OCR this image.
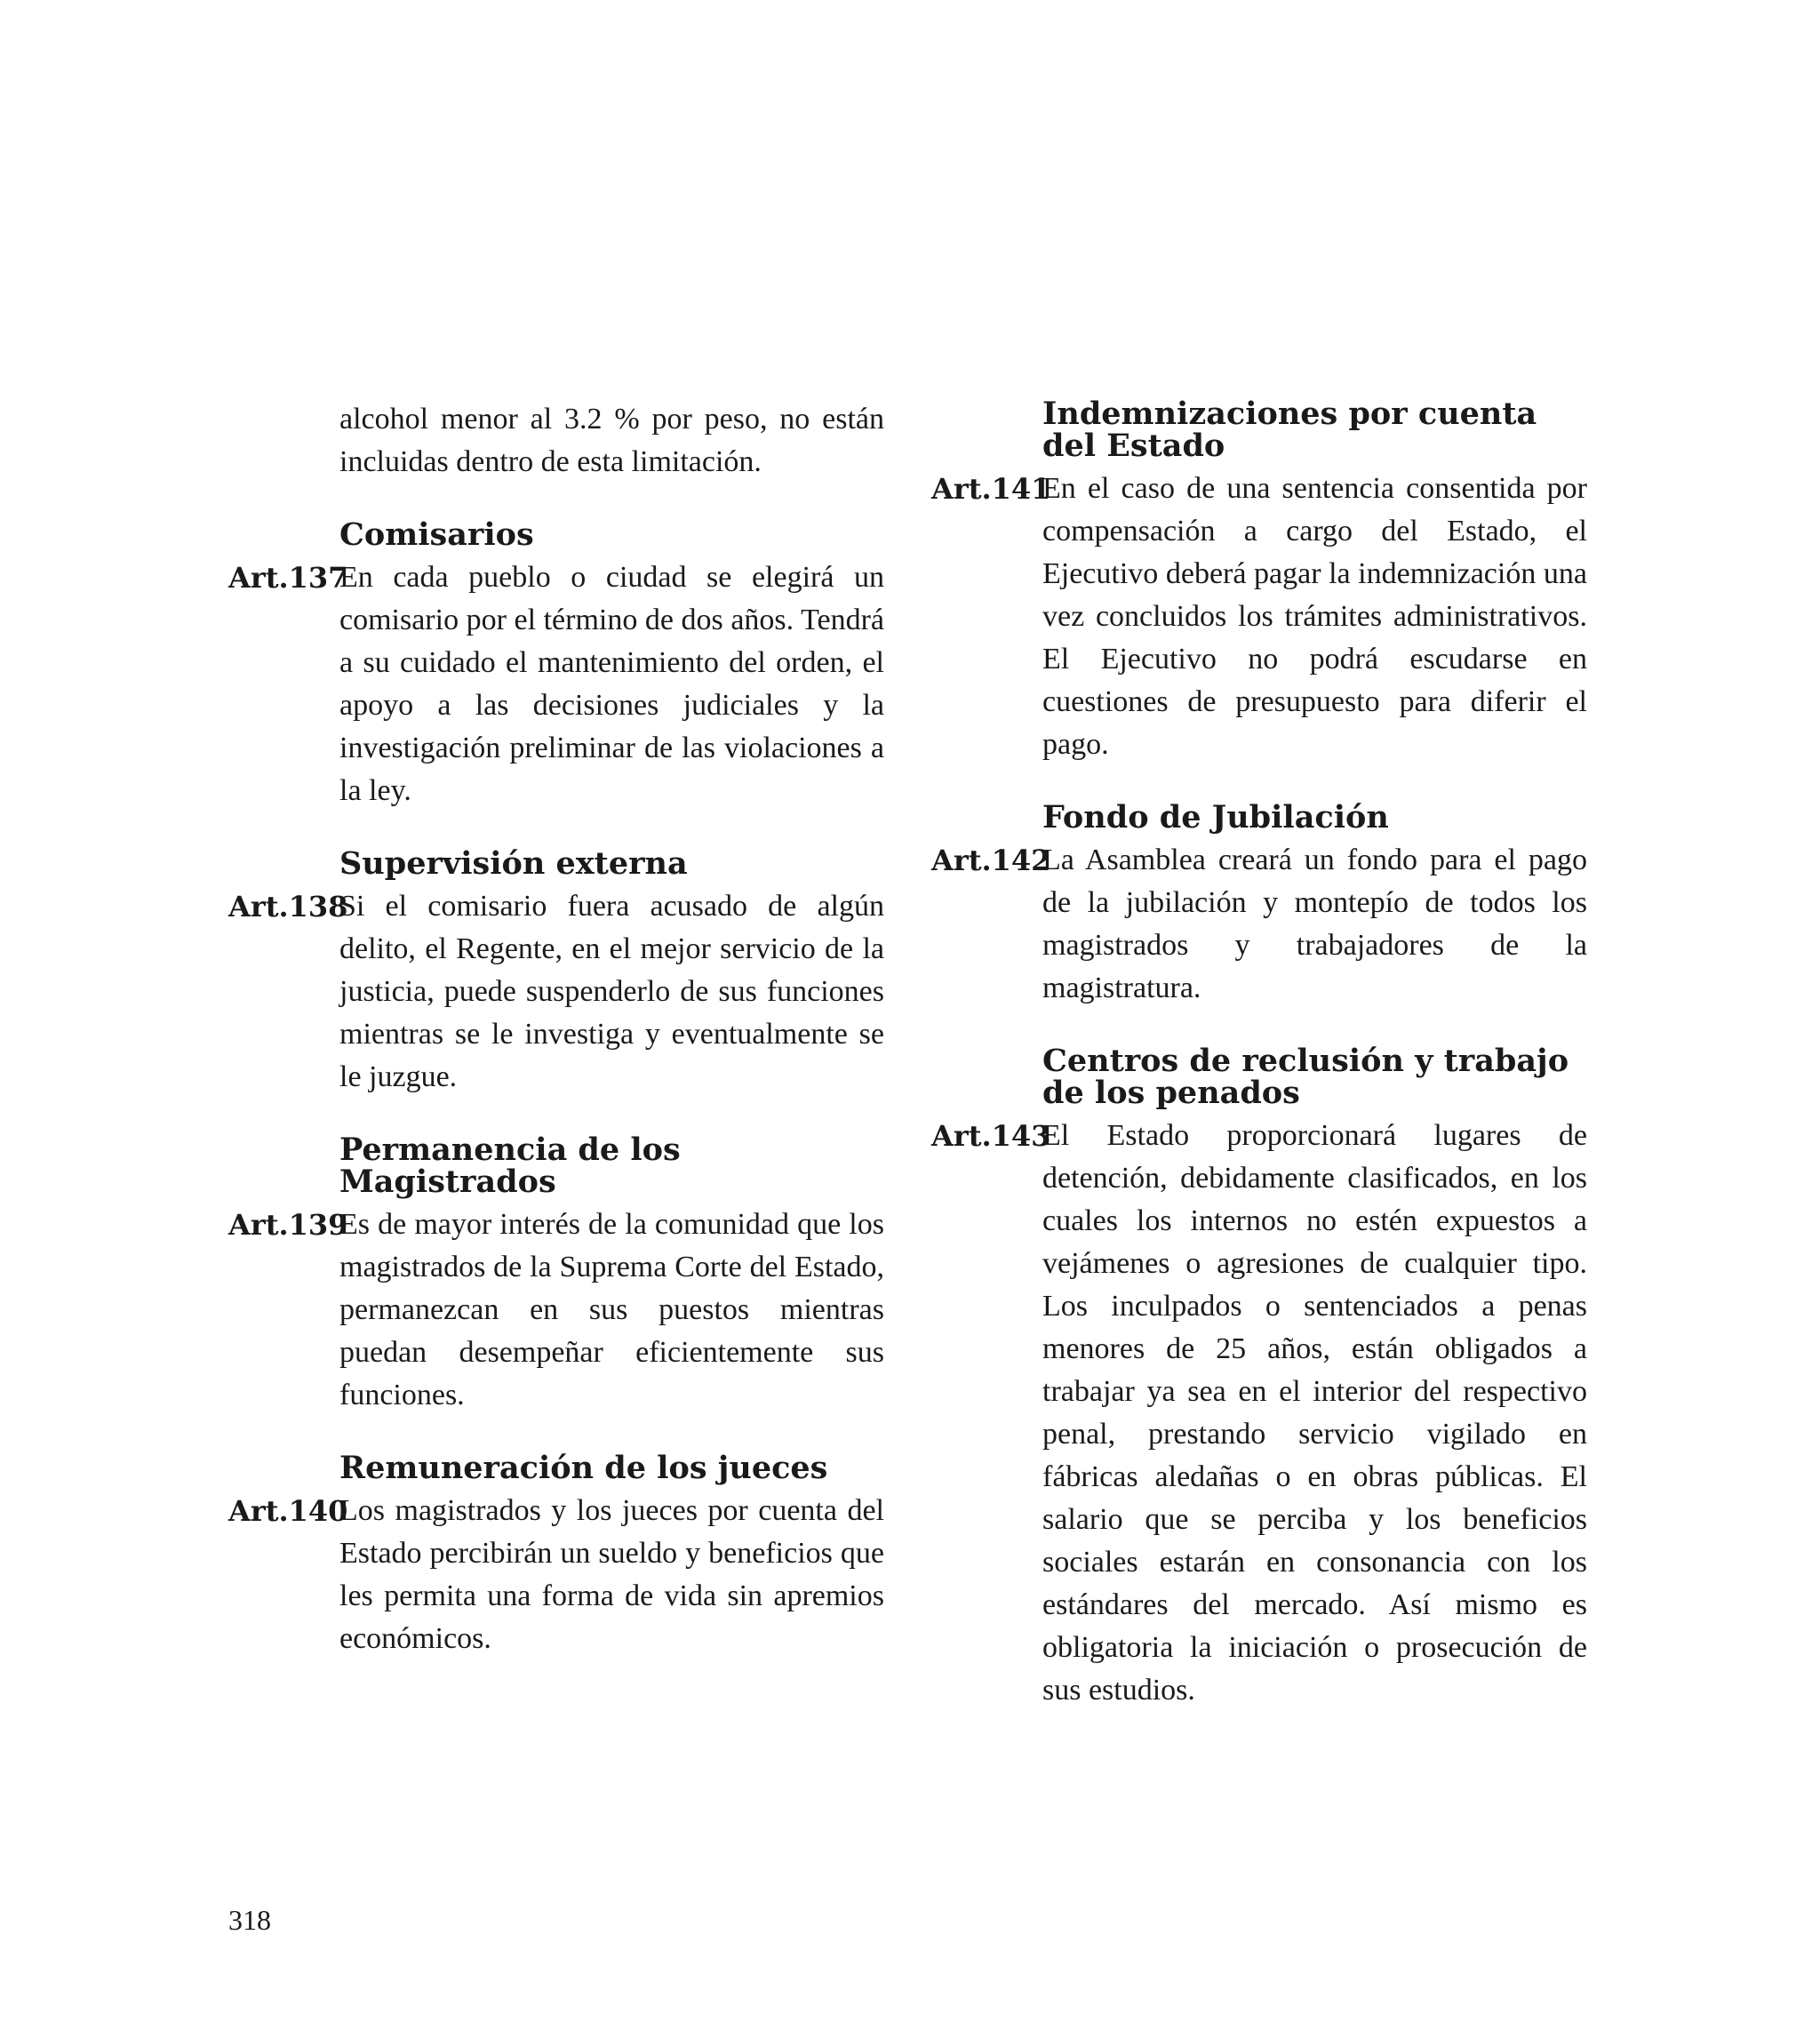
alcohol menor al 3.2 % por peso, no están incluidas dentro de esta limitación.

Comisarios
Art.137
En cada pueblo o ciudad se elegirá un comisario por el término de dos años. Tendrá a su cuidado el mantenimiento del orden, el apoyo a las decisiones judiciales y la investigación preliminar de las violaciones a la ley.
Supervisión externa
Art.138
Si el comisario fuera acusado de algún delito, el Regente, en el mejor servicio de la justicia, puede suspenderlo de sus funciones mientras se le investiga y eventualmente se le juzgue.
Permanencia de los Magistrados
Art.139
Es de mayor interés de la comunidad que los magistrados de la Suprema Corte del Estado, permanezcan en sus puestos mientras puedan desempeñar eficientemente sus funciones.
Remuneración de los jueces
Art.140
Los magistrados y los jueces por cuenta del Estado percibirán un sueldo y beneficios que les permita una forma de vida sin apremios económicos.
Indemnizaciones por cuenta del Estado
Art.141
En el caso de una sentencia consentida por compensación a cargo del Estado, el Ejecutivo deberá pagar la indemnización una vez concluidos los trámites administrativos. El Ejecutivo no podrá escudarse en cuestiones de presupuesto para diferir el pago.
Fondo de Jubilación
Art.142
La Asamblea creará un fondo para el pago de la jubilación y montepío de todos los magistrados y trabajadores de la magistratura.
Centros de reclusión y trabajo de los penados
Art.143
El Estado proporcionará lugares de detención, debidamente clasificados, en los cuales los internos no estén expuestos a vejámenes o agresiones de cualquier tipo. Los inculpados o sentenciados a penas menores de 25 años, están obligados a trabajar ya sea en el interior del respectivo penal, prestando servicio vigilado en fábricas aledañas o en obras públicas. El salario que se perciba y los beneficios sociales estarán en consonancia con los estándares del mercado. Así mismo es obligatoria la iniciación o prosecución de sus estudios.
318
